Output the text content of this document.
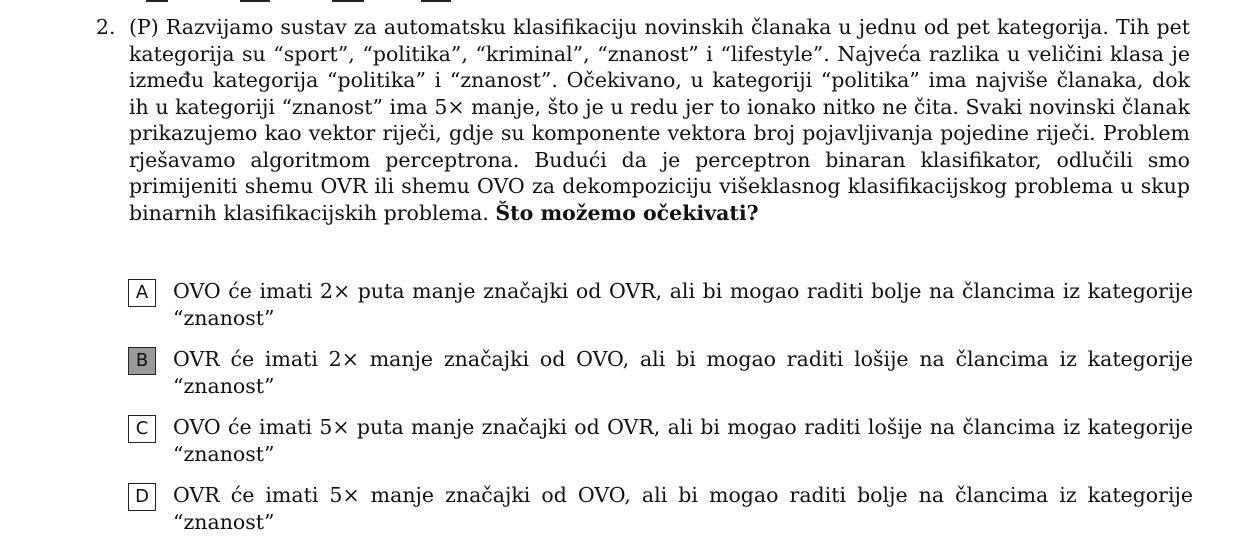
2. (P) Razvijamo sustav za automatsku klasifikaciju novinskih članaka u jednu od pet kategorija. Tih pet kategorija su “sport”, “politika”, “kriminal”, “znanost” i “lifestyle”. Najveća razlika u veličini klasa je između kategorija “politika” i “znanost”. Očekivano, u kategoriji “politika” ima najviše članaka, dok ih u kategoriji “znanost” ima 5× manje, što je u redu jer to ionako nitko ne čita. Svaki novinski članak prikazujemo kao vektor riječi, gdje su komponente vektora broj pojavljivanja pojedine riječi. Problem rješavamo algoritmom perceptrona. Budući da je perceptron binaran klasifikator, odlučili smo primijeniti shemu OVR ili shemu OVO za dekompoziciju višeklasnog klasifikacijskog problema u skup binarnih klasifikacijskih problema. Što možemo očekivati?
A	OVO će imati 2× puta manje značajki od OVR, ali bi mogao raditi bolje na člancima iz kategorije “znanost”
B	OVR će imati 2× manje značajki od OVO, ali bi mogao raditi lošije na člancima iz kategorije “znanost”
C	OVO će imati 5× puta manje značajki od OVR, ali bi mogao raditi lošije na člancima iz kategorije “znanost”
D	OVR će imati 5× manje značajki od OVO, ali bi mogao raditi bolje na člancima iz kategorije “znanost”
